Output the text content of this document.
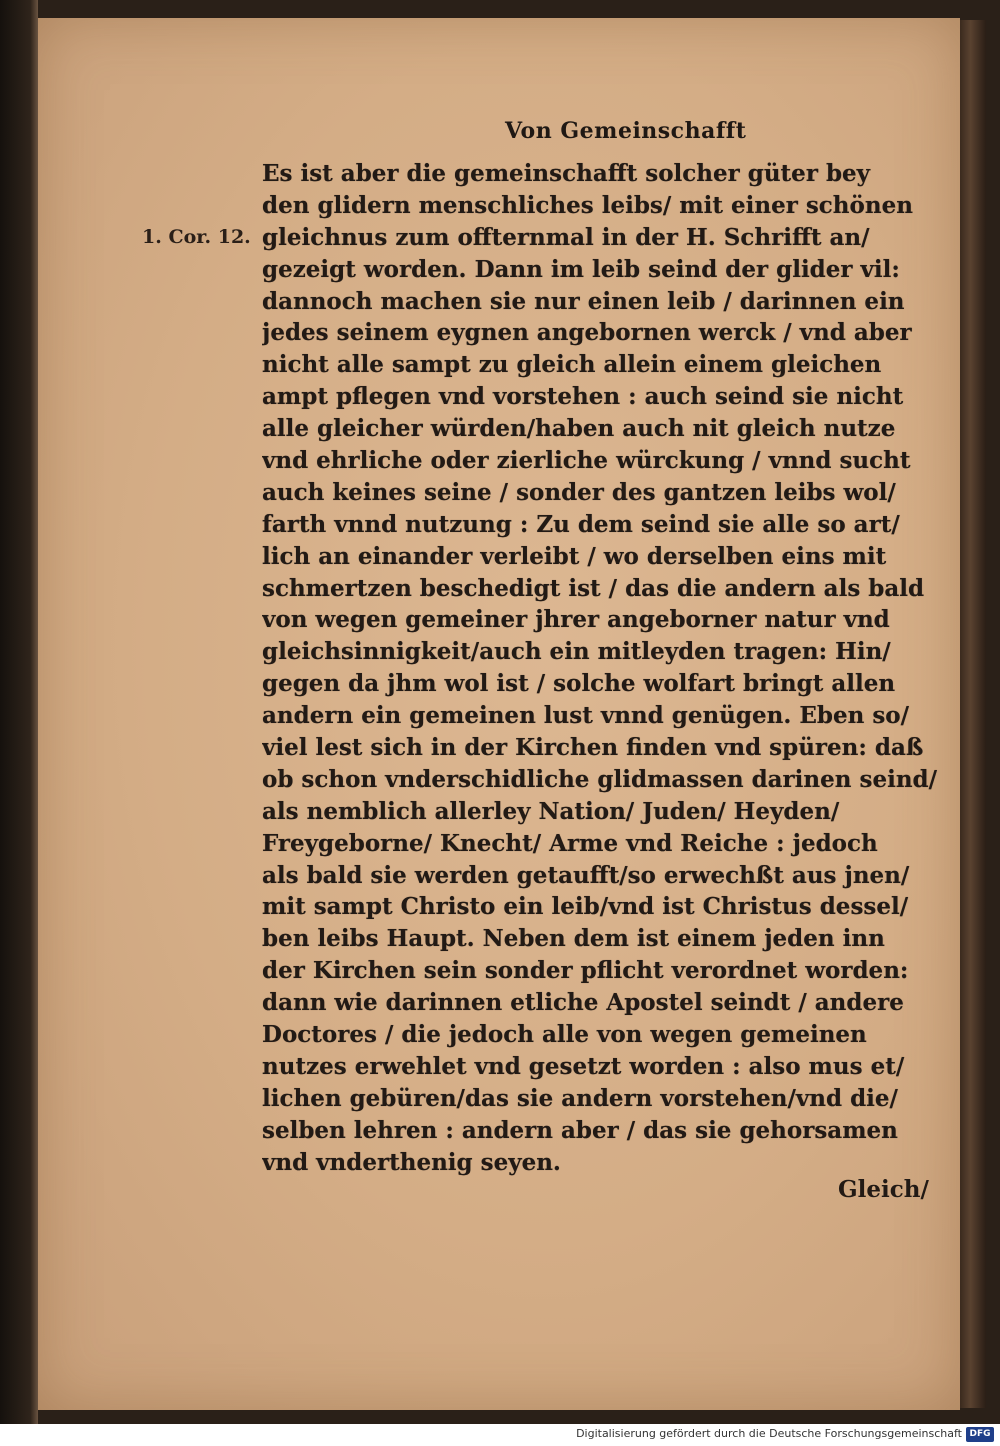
Von Gemeinschafft
1. Cor. 12.
Es ist aber die gemeinschafft solcher güter bey
den glidern menschliches leibs/ mit einer schönen
gleichnus zum offternmal in der H. Schrifft an/
gezeigt worden. Dann im leib seind der glider vil:
dannoch machen sie nur einen leib / darinnen ein
jedes seinem eygnen angebornen werck / vnd aber
nicht alle sampt zu gleich allein einem gleichen
ampt pflegen vnd vorstehen : auch seind sie nicht
alle gleicher würden/haben auch nit gleich nutze
vnd ehrliche oder zierliche würckung / vnnd sucht
auch keines seine / sonder des gantzen leibs wol/
farth vnnd nutzung : Zu dem seind sie alle so art/
lich an einander verleibt / wo derselben eins mit
schmertzen beschedigt ist / das die andern als bald
von wegen gemeiner jhrer angeborner natur vnd
gleichsinnigkeit/auch ein mitleyden tragen: Hin/
gegen da jhm wol ist / solche wolfart bringt allen
andern ein gemeinen lust vnnd genügen. Eben so/
viel lest sich in der Kirchen finden vnd spüren: daß
ob schon vnderschidliche glidmassen darinen seind/
als nemblich allerley Nation/ Juden/ Heyden/
Freygeborne/ Knecht/ Arme vnd Reiche : jedoch
als bald sie werden getaufft/so erwechßt aus jnen/
mit sampt Christo ein leib/vnd ist Christus dessel/
ben leibs Haupt. Neben dem ist einem jeden inn
der Kirchen sein sonder pflicht verordnet worden:
dann wie darinnen etliche Apostel seindt / andere
Doctores / die jedoch alle von wegen gemeinen
nutzes erwehlet vnd gesetzt worden : also mus et/
lichen gebüren/das sie andern vorstehen/vnd die/
selben lehren : andern aber / das sie gehorsamen
vnd vnderthenig seyen.
Gleich/
Digitalisierung gefördert durch die Deutsche Forschungsgemeinschaft DFG
